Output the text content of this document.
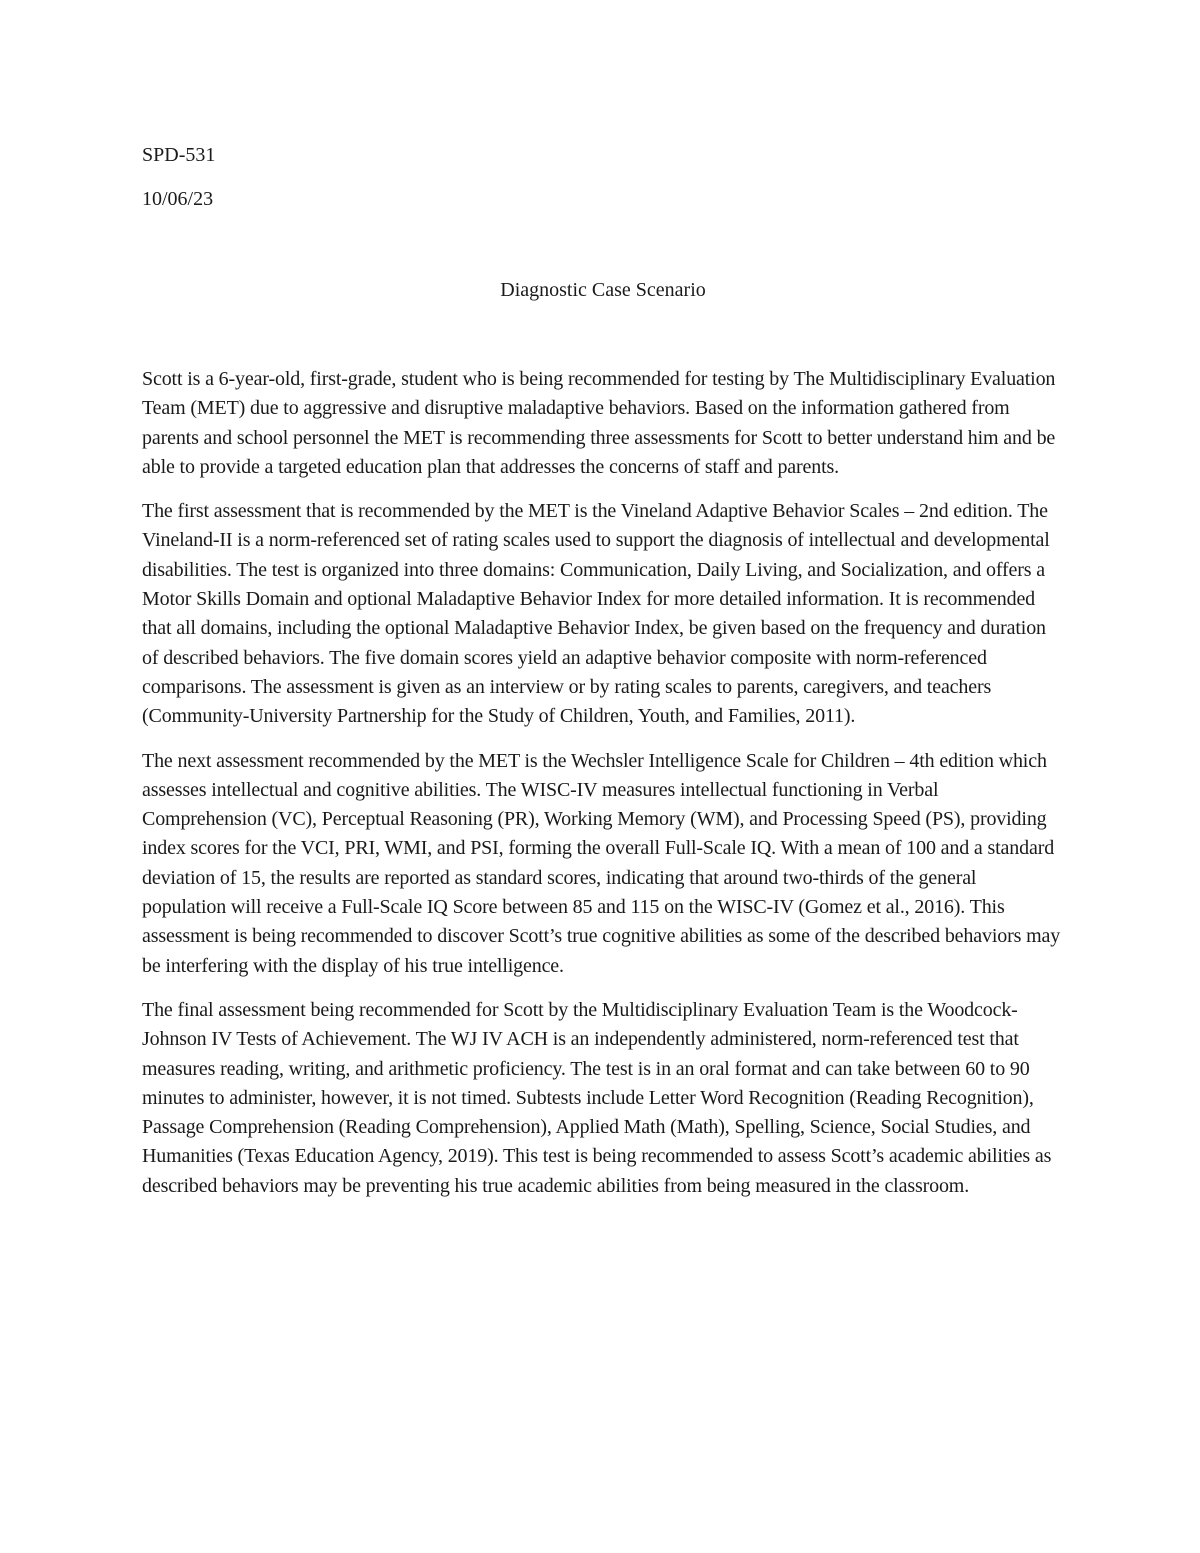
SPD-531

10/06/23

Diagnostic Case Scenario

Scott is a 6-year-old, first-grade, student who is being recommended for testing by The Multidisciplinary Evaluation Team (MET) due to aggressive and disruptive maladaptive behaviors. Based on the information gathered from parents and school personnel the MET is recommending three assessments for Scott to better understand him and be able to provide a targeted education plan that addresses the concerns of staff and parents.

The first assessment that is recommended by the MET is the Vineland Adaptive Behavior Scales – 2nd edition. The Vineland-II is a norm-referenced set of rating scales used to support the diagnosis of intellectual and developmental disabilities. The test is organized into three domains: Communication, Daily Living, and Socialization, and offers a Motor Skills Domain and optional Maladaptive Behavior Index for more detailed information. It is recommended that all domains, including the optional Maladaptive Behavior Index, be given based on the frequency and duration of described behaviors. The five domain scores yield an adaptive behavior composite with norm-referenced comparisons. The assessment is given as an interview or by rating scales to parents, caregivers, and teachers (Community-University Partnership for the Study of Children, Youth, and Families, 2011).

The next assessment recommended by the MET is the Wechsler Intelligence Scale for Children – 4th edition which assesses intellectual and cognitive abilities. The WISC-IV measures intellectual functioning in Verbal Comprehension (VC), Perceptual Reasoning (PR), Working Memory (WM), and Processing Speed (PS), providing index scores for the VCI, PRI, WMI, and PSI, forming the overall Full-Scale IQ. With a mean of 100 and a standard deviation of 15, the results are reported as standard scores, indicating that around two-thirds of the general population will receive a Full-Scale IQ Score between 85 and 115 on the WISC-IV (Gomez et al., 2016). This assessment is being recommended to discover Scott’s true cognitive abilities as some of the described behaviors may be interfering with the display of his true intelligence.

The final assessment being recommended for Scott by the Multidisciplinary Evaluation Team is the Woodcock-Johnson IV Tests of Achievement. The WJ IV ACH is an independently administered, norm-referenced test that measures reading, writing, and arithmetic proficiency. The test is in an oral format and can take between 60 to 90 minutes to administer, however, it is not timed. Subtests include Letter Word Recognition (Reading Recognition), Passage Comprehension (Reading Comprehension), Applied Math (Math), Spelling, Science, Social Studies, and Humanities (Texas Education Agency, 2019). This test is being recommended to assess Scott’s academic abilities as described behaviors may be preventing his true academic abilities from being measured in the classroom.
